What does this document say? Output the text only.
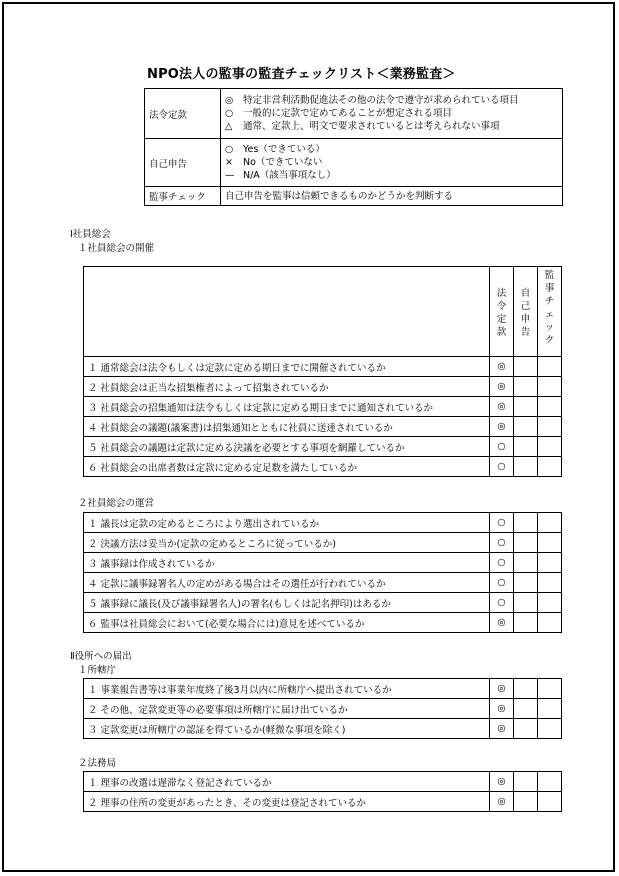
NPO法人の監事の監査チェックリスト＜業務監査＞
法令定款	◎ 特定非営利活動促進法その他の法令で遵守が求められている項目
○ 一般的に定款で定めてあることが想定される項目
△ 通常、定款上、明文で要求されているとは考えられない事項

自己申告	○ Yes（できている）
× No（できていない
— N/A（該当事項なし）

監事チェック	自己申告を監事は信頼できるものかどうかを判断する
Ⅰ社員総会
１社員総会の開催
	法令定款	自己申告	監事チェック
１ 通常総会は法令もしくは定款に定める期日までに開催されているか	◎		
２ 社員総会は正当な招集権者によって招集されているか	◎		
３ 社員総会の招集通知は法令もしくは定款に定める期日までに通知されているか	◎		
４ 社員総会の議題(議案書)は招集通知とともに社員に送達されているか	◎		
５ 社員総会の議題は定款に定める決議を必要とする事項を網羅しているか	○		
６ 社員総会の出席者数は定款に定める定足数を満たしているか	○		
２社員総会の運営
１ 議長は定款の定めるところにより選出されているか	○		
２ 決議方法は妥当か(定款の定めるところに従っているか)	○		
３ 議事録は作成されているか	○		
４ 定款に議事録署名人の定めがある場合はその選任が行われているか	○		
５ 議事録に議長(及び議事録署名人)の署名(もしくは記名押印)はあるか	○		
６ 監事は社員総会において(必要な場合には)意見を述べているか	◎		
Ⅱ役所への届出
１所轄庁
１ 事業報告書等は事業年度終了後3月以内に所轄庁へ提出されているか	◎		
２ その他、定款変更等の必要事項は所轄庁に届け出ているか	◎		
３ 定款変更は所轄庁の認証を得ているか(軽微な事項を除く)	◎		
２法務局
１ 理事の改選は遅滞なく登記されているか	◎		
２ 理事の住所の変更があったとき、その変更は登記されているか	◎		
